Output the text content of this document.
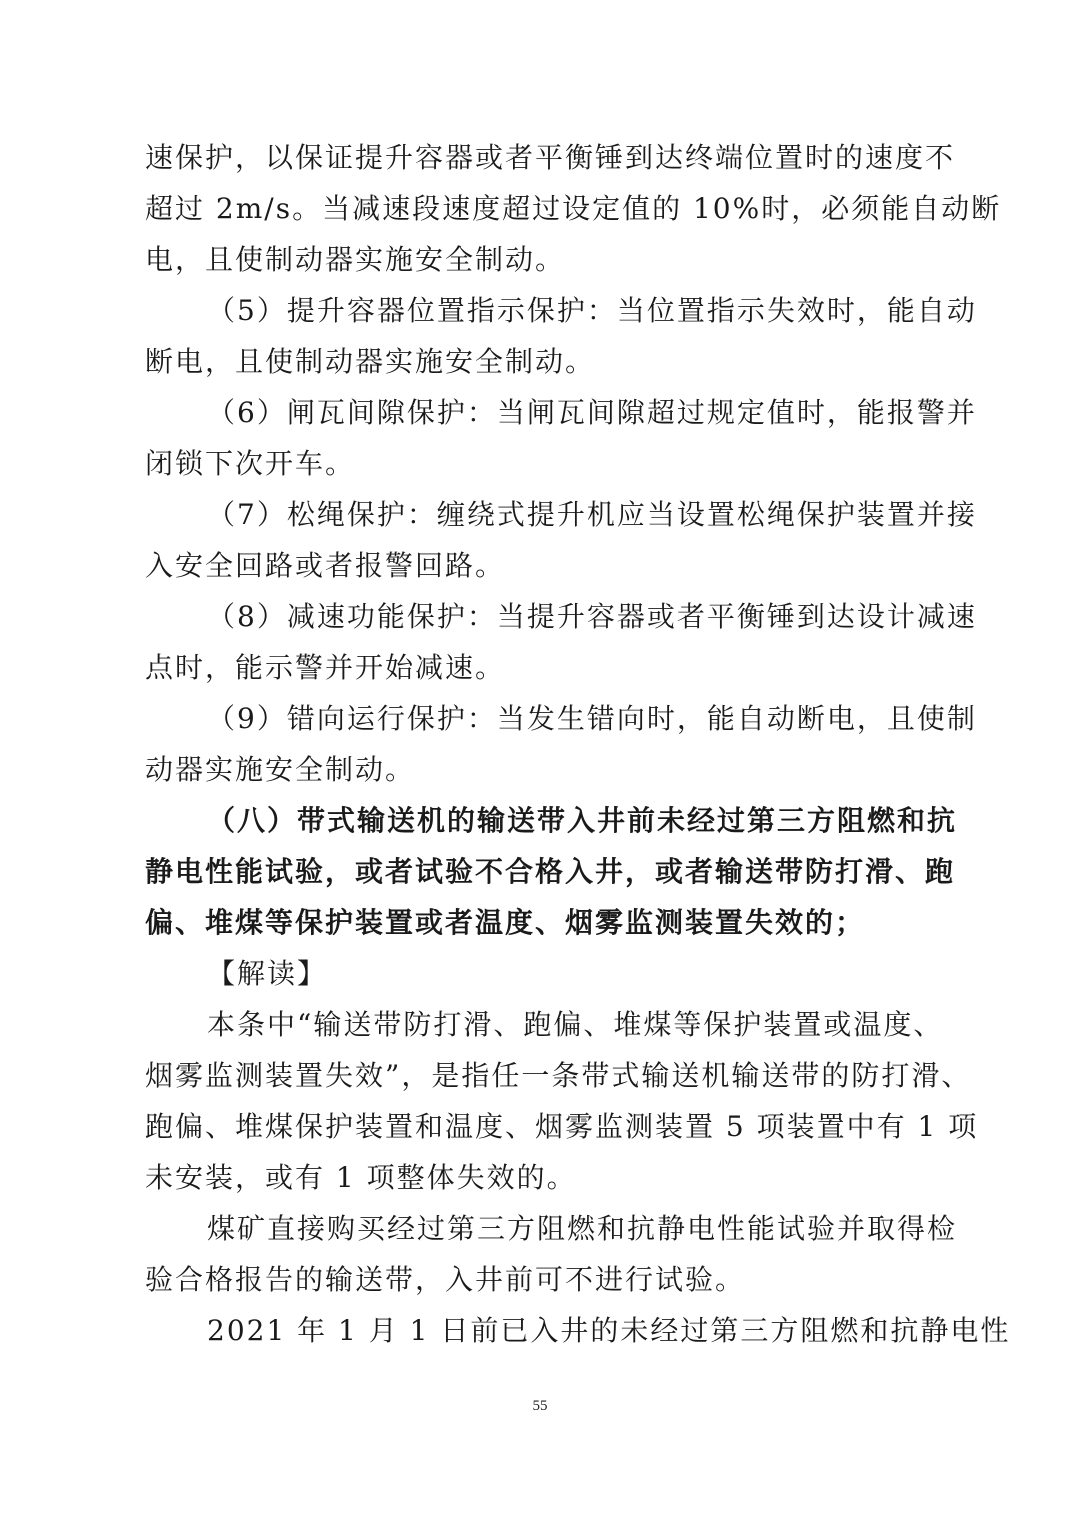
速保护，以保证提升容器或者平衡锤到达终端位置时的速度不
超过 2m/s。当减速段速度超过设定值的 10%时，必须能自动断
电，且使制动器实施安全制动。
（5）提升容器位置指示保护：当位置指示失效时，能自动
断电，且使制动器实施安全制动。
（6）闸瓦间隙保护：当闸瓦间隙超过规定值时，能报警并
闭锁下次开车。
（7）松绳保护：缠绕式提升机应当设置松绳保护装置并接
入安全回路或者报警回路。
（8）减速功能保护：当提升容器或者平衡锤到达设计减速
点时，能示警并开始减速。
（9）错向运行保护：当发生错向时，能自动断电，且使制
动器实施安全制动。
（八）带式输送机的输送带入井前未经过第三方阻燃和抗
静电性能试验，或者试验不合格入井，或者输送带防打滑、跑
偏、堆煤等保护装置或者温度、烟雾监测装置失效的；
【解读】
本条中“输送带防打滑、跑偏、堆煤等保护装置或温度、
烟雾监测装置失效”，是指任一条带式输送机输送带的防打滑、
跑偏、堆煤保护装置和温度、烟雾监测装置 5 项装置中有 1 项
未安装，或有 1 项整体失效的。
煤矿直接购买经过第三方阻燃和抗静电性能试验并取得检
验合格报告的输送带，入井前可不进行试验。
2021 年 1 月 1 日前已入井的未经过第三方阻燃和抗静电性
55
